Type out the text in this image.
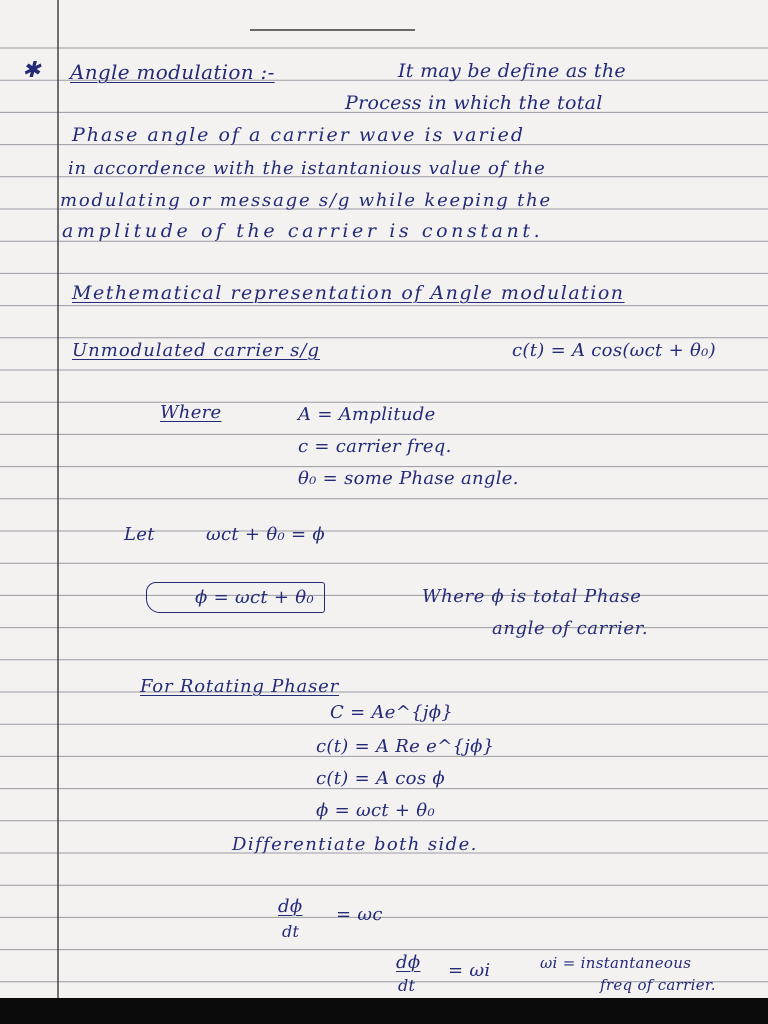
✱ Angle modulation :-	It may be define as the
Process in which the total
Phase angle of a carrier wave is varied
in accordence with the istantanious value of the
modulating or message s/g while keeping the
amplitude of the carrier is constant.
Methematical representation of Angle modulation
Unmodulated carrier s/g	c(t) = A cos(ωct + θ₀)
Where	A = Amplitude
c = carrier freq.
θ₀ = some Phase angle.
Let	ωct + θ₀ = ϕ
ϕ = ωct + θ₀	Where ϕ is total Phase
angle of carrier.
For Rotating Phaser
C = Ae^{jϕ}
c(t) = A Re e^{jϕ}
c(t) = A cos ϕ
ϕ = ωct + θ₀
Differentiate both side.
dϕ
dt
= ωc
dϕ
dt
= ωi	ωi = instantaneous
freq of carrier.
